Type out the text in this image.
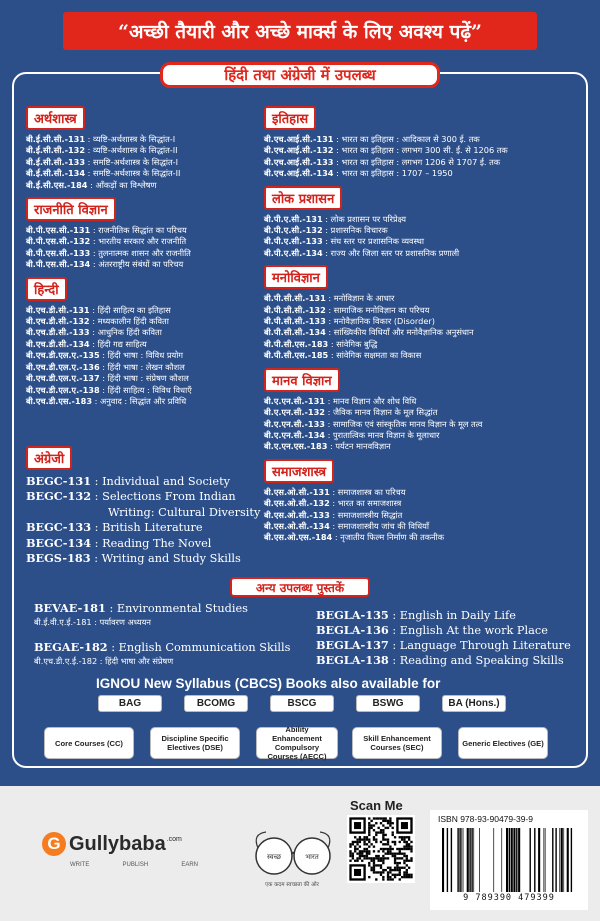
“अच्छी तैयारी और अच्छे मार्क्स के लिए अवश्य पढ़ें”
हिंदी तथा अंग्रेजी में उपलब्ध
अर्थशास्त्र
बी.ई.सी.सी.-131 : व्यष्टि-अर्थशास्त्र के सिद्धांत-I
बी.ई.सी.सी.-132 : व्यष्टि-अर्थशास्त्र के सिद्धांत-II
बी.ई.सी.सी.-133 : समष्टि-अर्थशास्त्र के सिद्धांत-I
बी.ई.सी.सी.-134 : समष्टि-अर्थशास्त्र के सिद्धांत-II
बी.ई.सी.एस.-184 : आँकड़ों का विश्लेषण
राजनीति विज्ञान
बी.पी.एस.सी.-131 : राजनीतिक सिद्धांत का परिचय
बी.पी.एस.सी.-132 : भारतीय सरकार और राजनीति
बी.पी.एस.सी.-133 : तुलनात्मक शासन और राजनीति
बी.पी.एस.सी.-134 : अंतरराष्ट्रीय संबंधों का परिचय
हिन्दी
बी.एच.डी.सी.-131 : हिंदी साहित्य का इतिहास
बी.एच.डी.सी.-132 : मध्यकालीन हिंदी कविता
बी.एच.डी.सी.-133 : आधुनिक हिंदी कविता
बी.एच.डी.सी.-134 : हिंदी गद्य साहित्य
बी.एच.डी.एल.ए.-135 : हिंदी भाषा : विविध प्रयोग
बी.एच.डी.एल.ए.-136 : हिंदी भाषा : लेखन कौशल
बी.एच.डी.एल.ए.-137 : हिंदी भाषा : संप्रेषण कौशल
बी.एच.डी.एल.ए.-138 : हिंदी साहित्य : विविध विधाएँ
बी.एच.डी.एस.-183 : अनुवाद : सिद्धांत और प्रविधि
इतिहास
बी.एच.आई.सी.-131 : भारत का इतिहास : आदिकाल से 300 ई. तक
बी.एच.आई.सी.-132 : भारत का इतिहास : लगभग 300 सी. ई. से 1206 तक
बी.एच.आई.सी.-133 : भारत का इतिहास : लगभग 1206 से 1707 ई. तक
बी.एच.आई.सी.-134 : भारत का इतिहास : 1707 – 1950
लोक प्रशासन
बी.पी.ए.सी.-131 : लोक प्रशासन पर परिप्रेक्ष्य
बी.पी.ए.सी.-132 : प्रशासनिक विचारक
बी.पी.ए.सी.-133 : संघ स्तर पर प्रशासनिक व्यवस्था
बी.पी.ए.सी.-134 : राज्य और जिला स्तर पर प्रशासनिक प्रणाली
मनोविज्ञान
बी.पी.सी.सी.-131 : मनोविज्ञान के आधार
बी.पी.सी.सी.-132 : सामाजिक मनोविज्ञान का परिचय
बी.पी.सी.सी.-133 : मनोवैज्ञानिक विकार (Disorder)
बी.पी.सी.सी.-134 : सांख्यिकीय विधियाँ और मनोवैज्ञानिक अनुसंधान
बी.पी.सी.एस.-183 : सांवेगिक बुद्धि
बी.पी.सी.एस.-185 : सांवेगिक सक्षमता का विकास
मानव विज्ञान
बी.ए.एन.सी.-131 : मानव विज्ञान और शोध विधि
बी.ए.एन.सी.-132 : जैविक मानव विज्ञान के मूल सिद्धांत
बी.ए.एन.सी.-133 : सामाजिक एवं सांस्कृतिक मानव विज्ञान के मूल तत्व
बी.ए.एन.सी.-134 : पुरातात्विक मानव विज्ञान के मूलाधार
बी.ए.एन.एस.-183 : पर्यटन मानवविज्ञान
समाजशास्त्र
बी.एस.ओ.सी.-131 : समाजशास्त्र का परिचय
बी.एस.ओ.सी.-132 : भारत का समाजशास्त्र
बी.एस.ओ.सी.-133 : समाजशास्त्रीय सिद्धांत
बी.एस.ओ.सी.-134 : समाजशास्त्रीय जांच की विधियाँ
बी.एस.ओ.एस.-184 : नृजातीय फिल्म निर्माण की तकनीक
अंग्रेजी
BEGC-131 : Individual and Society
BEGC-132 : Selections From Indian
Writing: Cultural Diversity
BEGC-133 : British Literature
BEGC-134 : Reading The Novel
BEGS-183 : Writing and Study Skills
अन्य उपलब्ध पुस्तकें
BEVAE-181 : Environmental Studies
बी.ई.वी.ए.ई.-181 : पर्यावरण अध्ययन
BEGAE-182 : English Communication Skills
बी.एच.डी.ए.ई.-182 : हिंदी भाषा और संप्रेषण
BEGLA-135 : English in Daily Life
BEGLA-136 : English At the work Place
BEGLA-137 : Language Through Literature
BEGLA-138 : Reading and Speaking Skills
IGNOU New Syllabus (CBCS) Books also available for
BAG	BCOMG	BSCG	BSWG	BA (Hons.)
Core Courses (CC)	Discipline Specific Electives (DSE)
Ability Enhancement Compulsory Courses (AECC)
Skill Enhancement Courses (SEC)	Generic Electives (GE)
G Gullybaba .com
WRITE	PUBLISH	EARN
स्वच्छ	भारत
एक कदम स्वच्छता की ओर
Scan Me
ISBN 978-93-90479-39-9
9 789390 479399
